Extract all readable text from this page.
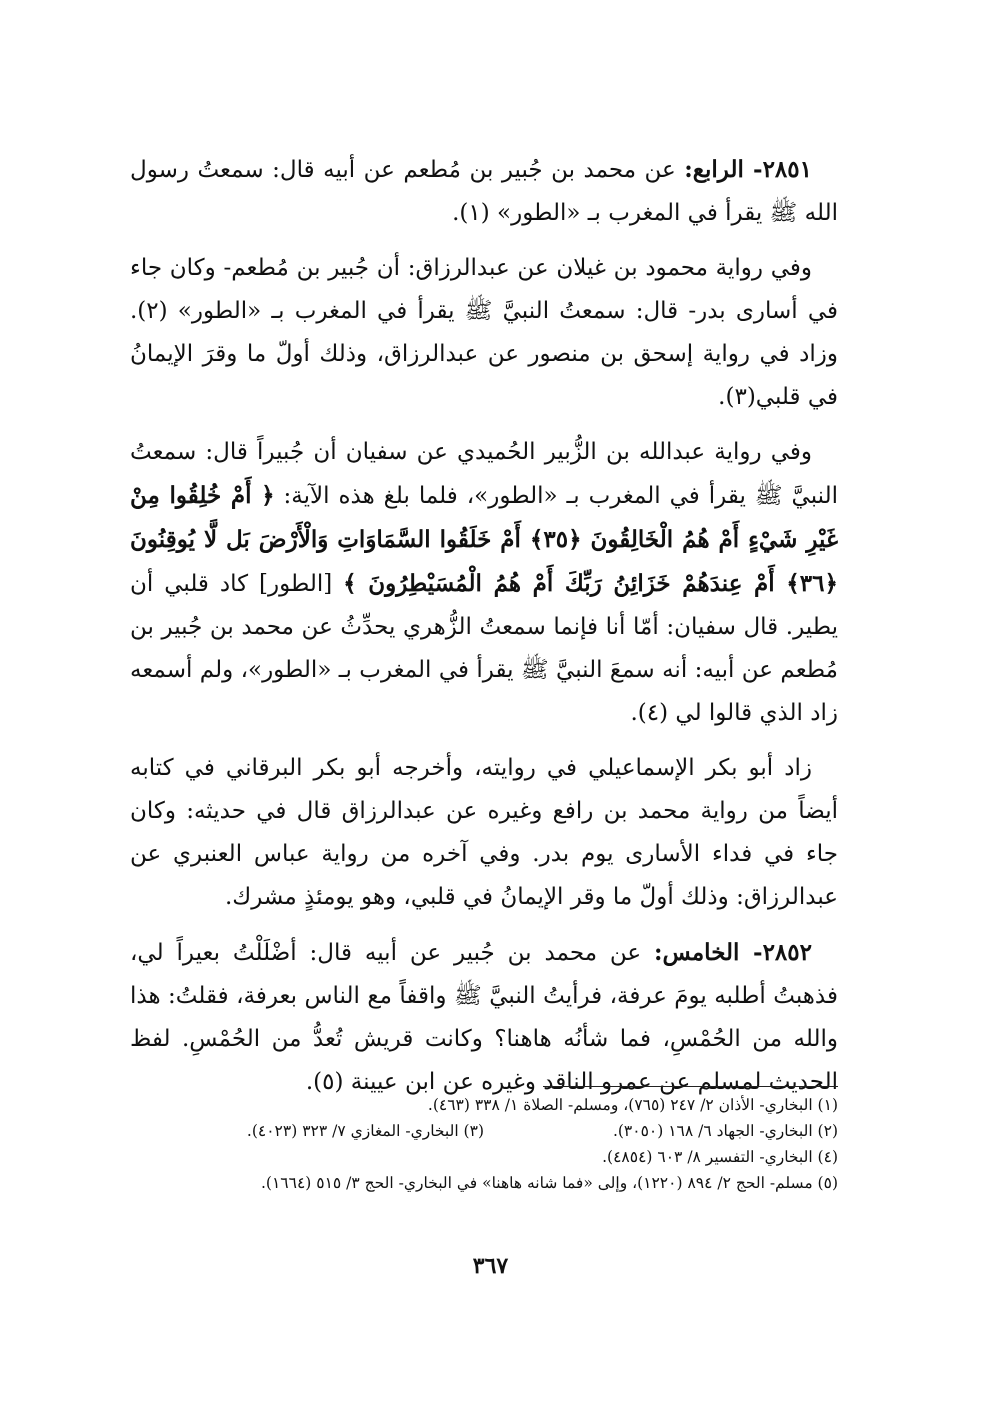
٢٨٥١- الرابع: عن محمد بن جُبير بن مُطعم عن أبيه قال: سمعتُ رسول الله ﷺ يقرأ في المغرب بـ «الطور» (١).

وفي رواية محمود بن غيلان عن عبدالرزاق: أن جُبير بن مُطعم- وكان جاء في أسارى بدر- قال: سمعتُ النبيَّ ﷺ يقرأ في المغرب بـ «الطور» (٢). وزاد في رواية إسحق بن منصور عن عبدالرزاق، وذلك أولّ ما وقرَ الإيمانُ في قلبي(٣).

وفي رواية عبدالله بن الزُّبير الحُميدي عن سفيان أن جُبيراً قال: سمعتُ النبيَّ ﷺ يقرأ في المغرب بـ «الطور»، فلما بلغ هذه الآية: ﴿ أَمْ خُلِقُوا مِنْ غَيْرِ شَيْءٍ أَمْ هُمُ الْخَالِقُونَ ﴿٣٥﴾ أَمْ خَلَقُوا السَّمَاوَاتِ وَالْأَرْضَ بَل لَّا يُوقِنُونَ ﴿٣٦﴾ أَمْ عِندَهُمْ خَزَائِنُ رَبِّكَ أَمْ هُمُ الْمُسَيْطِرُونَ ﴾ [الطور] كاد قلبي أن يطير. قال سفيان: أمّا أنا فإنما سمعتُ الزُّهري يحدِّثُ عن محمد بن جُبير بن مُطعم عن أبيه: أنه سمعَ النبيَّ ﷺ يقرأ في المغرب بـ «الطور»، ولم أسمعه زاد الذي قالوا لي (٤).

زاد أبو بكر الإسماعيلي في روايته، وأخرجه أبو بكر البرقاني في كتابه أيضاً من رواية محمد بن رافع وغيره عن عبدالرزاق قال في حديثه: وكان جاء في فداء الأسارى يوم بدر. وفي آخره من رواية عباس العنبري عن عبدالرزاق: وذلك أولّ ما وقر الإيمانُ في قلبي، وهو يومئذٍ مشرك.

٢٨٥٢- الخامس: عن محمد بن جُبير عن أبيه قال: أضْلَلْتُ بعيراً لي، فذهبتُ أطلبه يومَ عرفة، فرأيتُ النبيَّ ﷺ واقفاً مع الناس بعرفة، فقلتُ: هذا والله من الحُمْسِ، فما شأنُه هاهنا؟ وكانت قريش تُعدُّ من الحُمْسِ. لفظ الحديث لمسلم عن عمرو الناقد وغيره عن ابن عيينة (٥).

(١) البخاري- الأذان ٢/ ٢٤٧ (٧٦٥)، ومسلم- الصلاة ١/ ٣٣٨ (٤٦٣).
(٢) البخاري- الجهاد ٦/ ١٦٨ (٣٠٥٠).
(٣) البخاري- المغازي ٧/ ٣٢٣ (٤٠٢٣).
(٤) البخاري- التفسير ٨/ ٦٠٣ (٤٨٥٤).
(٥) مسلم- الحج ٢/ ٨٩٤ (١٢٢٠)، وإلى «فما شانه هاهنا» في البخاري- الحج ٣/ ٥١٥ (١٦٦٤).
٣٦٧
